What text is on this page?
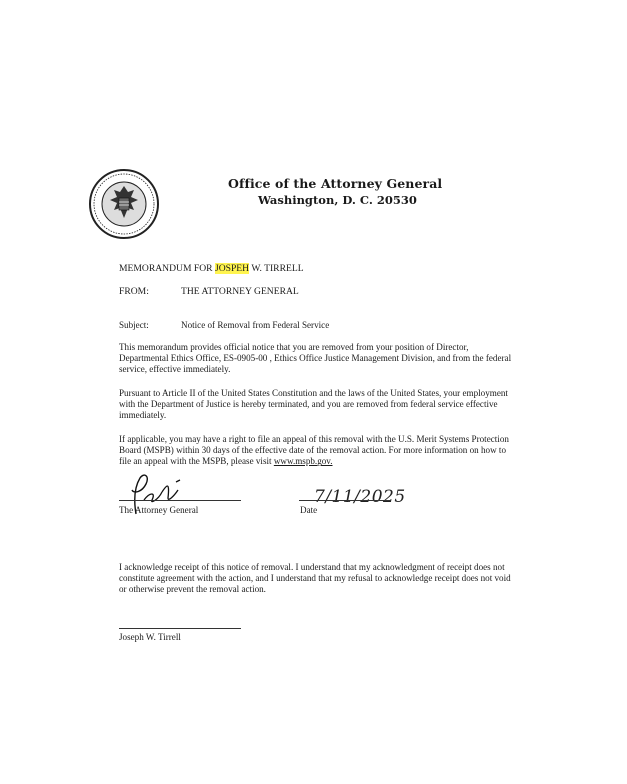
Office of the Attorney General
Washington, D. C. 20530
MEMORANDUM FOR JOSPEH W. TIRRELL
FROM:	THE ATTORNEY GENERAL
Subject:	Notice of Removal from Federal Service
This memorandum provides official notice that you are removed from your position of Director, Departmental Ethics Office, ES-0905-00 , Ethics Office Justice Management Division, and from the federal service, effective immediately.
Pursuant to Article II of the United States Constitution and the laws of the United States, your employment with the Department of Justice is hereby terminated, and you are removed from federal service effective immediately.
If applicable, you may have a right to file an appeal of this removal with the U.S. Merit Systems Protection Board (MSPB) within 30 days of the effective date of the removal action. For more information on how to file an appeal with the MSPB, please visit www.mspb.gov.
The Attorney General
7/11/2025
Date
I acknowledge receipt of this notice of removal. I understand that my acknowledgment of receipt does not constitute agreement with the action, and I understand that my refusal to acknowledge receipt does not void or otherwise prevent the removal action.
Joseph W. Tirrell
